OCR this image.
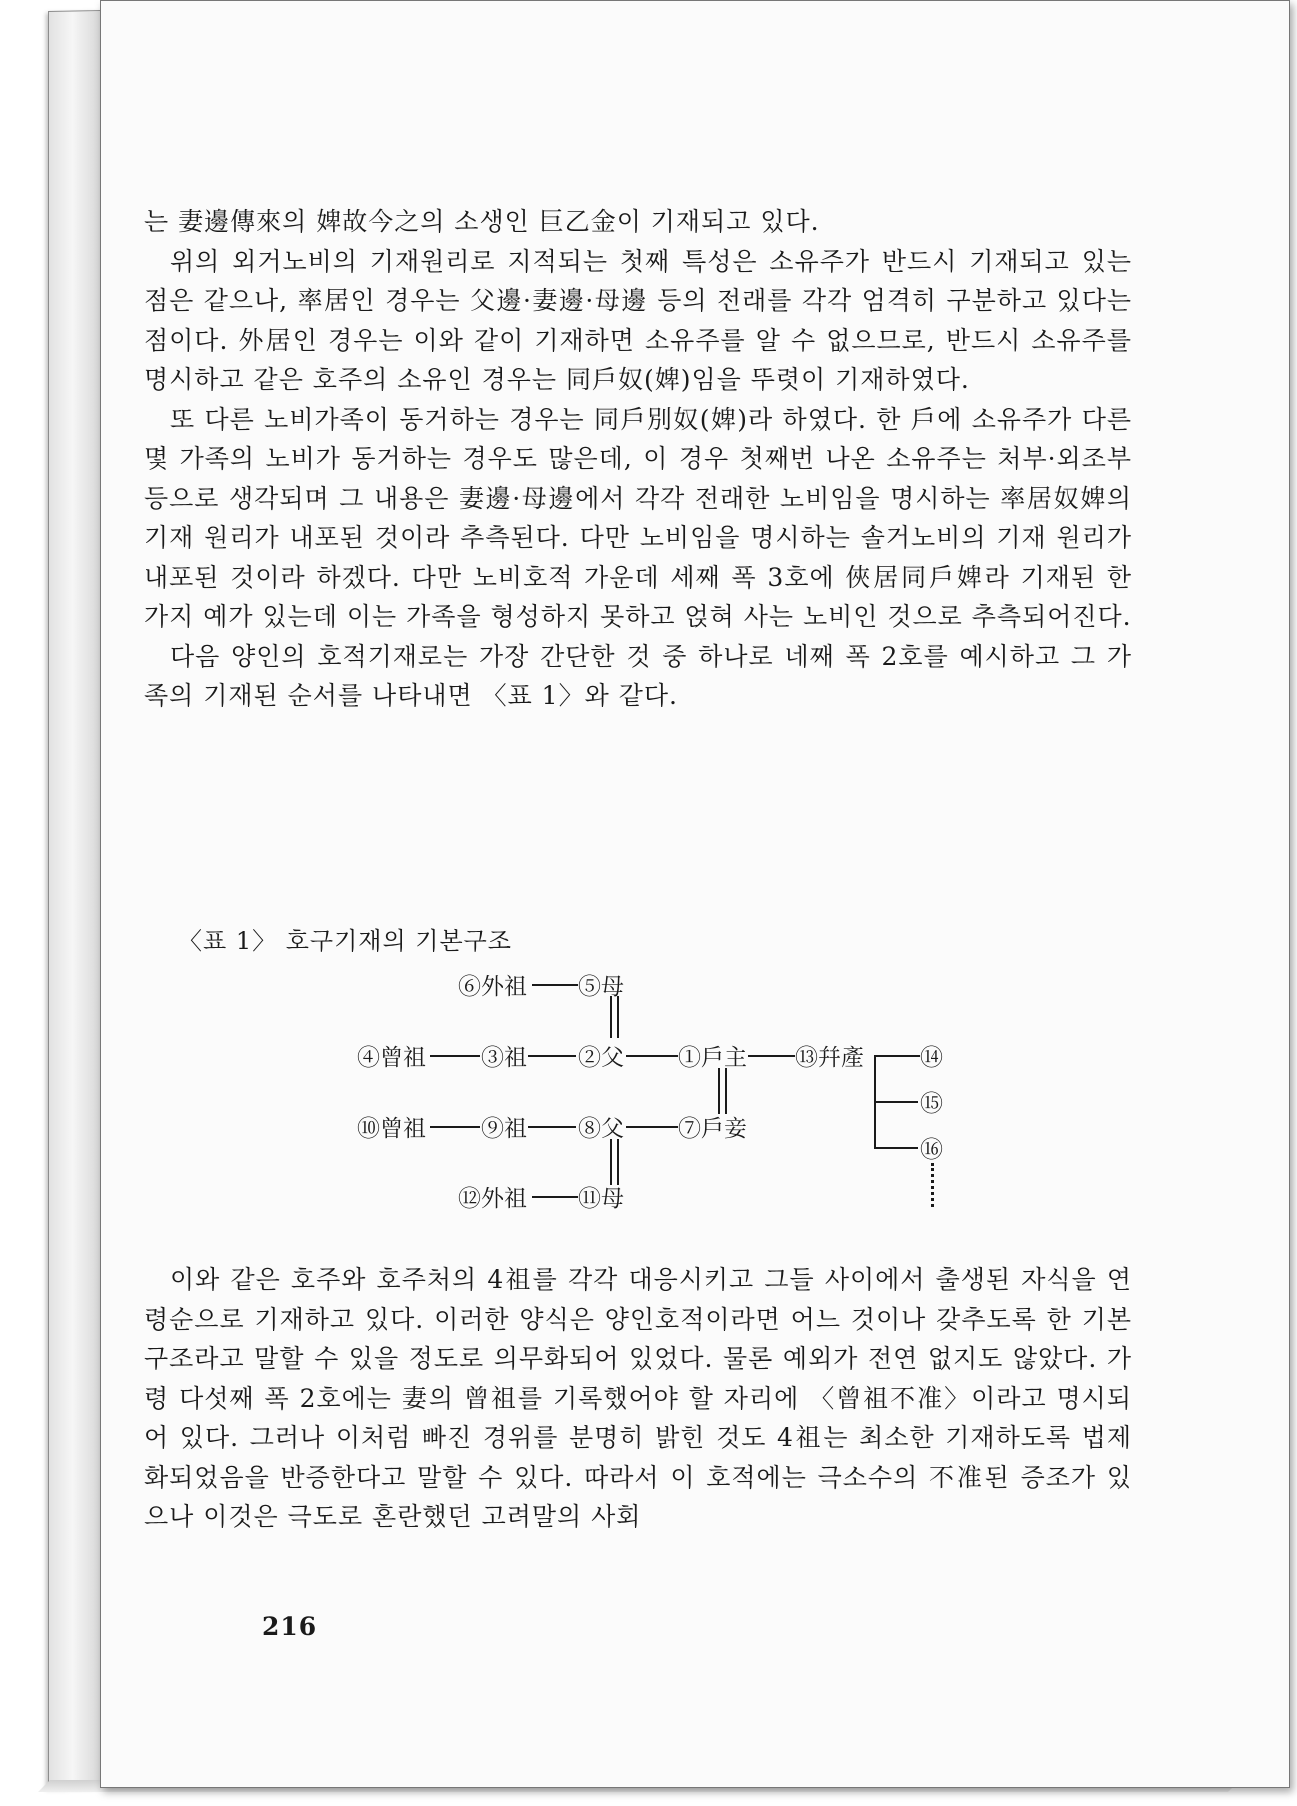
는 妻邊傳來의 婢故今之의 소생인 巨乙金이 기재되고 있다.

위의 외거노비의 기재원리로 지적되는 첫째 특성은 소유주가 반드시 기재되고 있는 점은 같으나, 率居인 경우는 父邊·妻邊·母邊 등의 전래를 각각 엄격히 구분하고 있다는 점이다. 外居인 경우는 이와 같이 기재하면 소유주를 알 수 없으므로, 반드시 소유주를 명시하고 같은 호주의 소유인 경우는 同戶奴(婢)임을 뚜렷이 기재하였다.

또 다른 노비가족이 동거하는 경우는 同戶別奴(婢)라 하였다. 한 戶에 소유주가 다른 몇 가족의 노비가 동거하는 경우도 많은데, 이 경우 첫째번 나온 소유주는 처부·외조부 등으로 생각되며 그 내용은 妻邊·母邊에서 각각 전래한 노비임을 명시하는 率居奴婢의 기재 원리가 내포된 것이라 추측된다. 다만 노비임을 명시하는 솔거노비의 기재 원리가 내포된 것이라 하겠다. 다만 노비호적 가운데 세째 폭 3호에 俠居同戶婢라 기재된 한 가지 예가 있는데 이는 가족을 형성하지 못하고 얹혀 사는 노비인 것으로 추측되어진다.

다음 양인의 호적기재로는 가장 간단한 것 중 하나로 네째 폭 2호를 예시하고 그 가족의 기재된 순서를 나타내면 〈표 1〉와 같다.

〈표 1〉 호구기재의 기본구조
⑥外祖 ⑤母
④曾祖 ③祖 ②父 ①戶主 ⑬幷產 ⑭
⑮
⑯
⑩曾祖 ⑨祖 ⑧父 ⑦戶妾
⑫外祖 ⑪母

이와 같은 호주와 호주처의 4祖를 각각 대응시키고 그들 사이에서 출생된 자식을 연령순으로 기재하고 있다. 이러한 양식은 양인호적이라면 어느 것이나 갖추도록 한 기본구조라고 말할 수 있을 정도로 의무화되어 있었다. 물론 예외가 전연 없지도 않았다. 가령 다섯째 폭 2호에는 妻의 曾祖를 기록했어야 할 자리에 〈曾祖不准〉이라고 명시되어 있다. 그러나 이처럼 빠진 경위를 분명히 밝힌 것도 4祖는 최소한 기재하도록 법제화되었음을 반증한다고 말할 수 있다. 따라서 이 호적에는 극소수의 不准된 증조가 있으나 이것은 극도로 혼란했던 고려말의 사회

216
